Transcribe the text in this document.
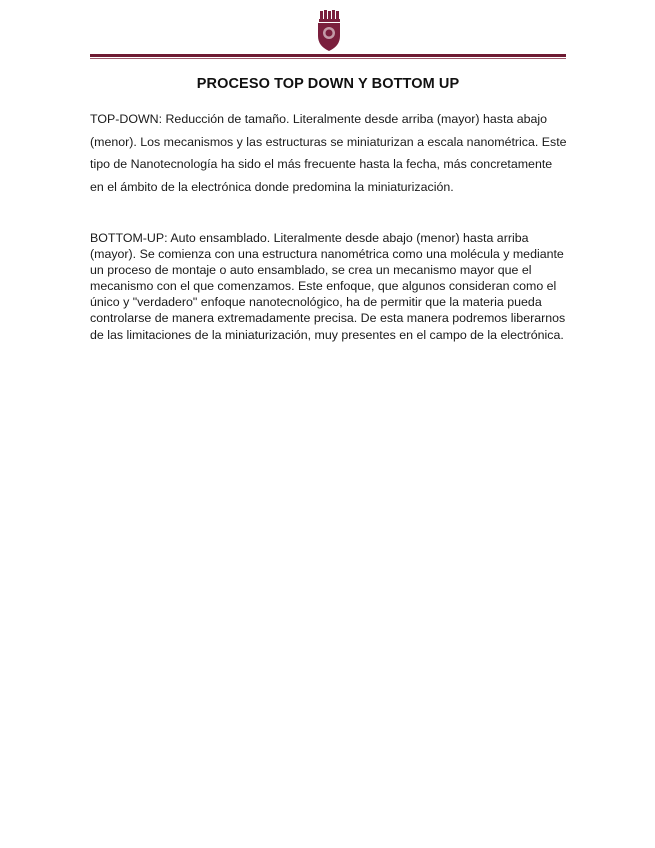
PROCESO TOP DOWN Y BOTTOM UP

TOP-DOWN: Reducción de tamaño. Literalmente desde arriba (mayor) hasta abajo (menor). Los mecanismos y las estructuras se miniaturizan a escala nanométrica. Este tipo de Nanotecnología ha sido el más frecuente hasta la fecha, más concretamente en el ámbito de la electrónica donde predomina la miniaturización.

BOTTOM-UP: Auto ensamblado. Literalmente desde abajo (menor) hasta arriba (mayor). Se comienza con una estructura nanométrica como una molécula y mediante un proceso de montaje o auto ensamblado, se crea un mecanismo mayor que el mecanismo con el que comenzamos. Este enfoque, que algunos consideran como el único y "verdadero" enfoque nanotecnológico, ha de permitir que la materia pueda controlarse de manera extremadamente precisa. De esta manera podremos liberarnos de las limitaciones de la miniaturización, muy presentes en el campo de la electrónica.
